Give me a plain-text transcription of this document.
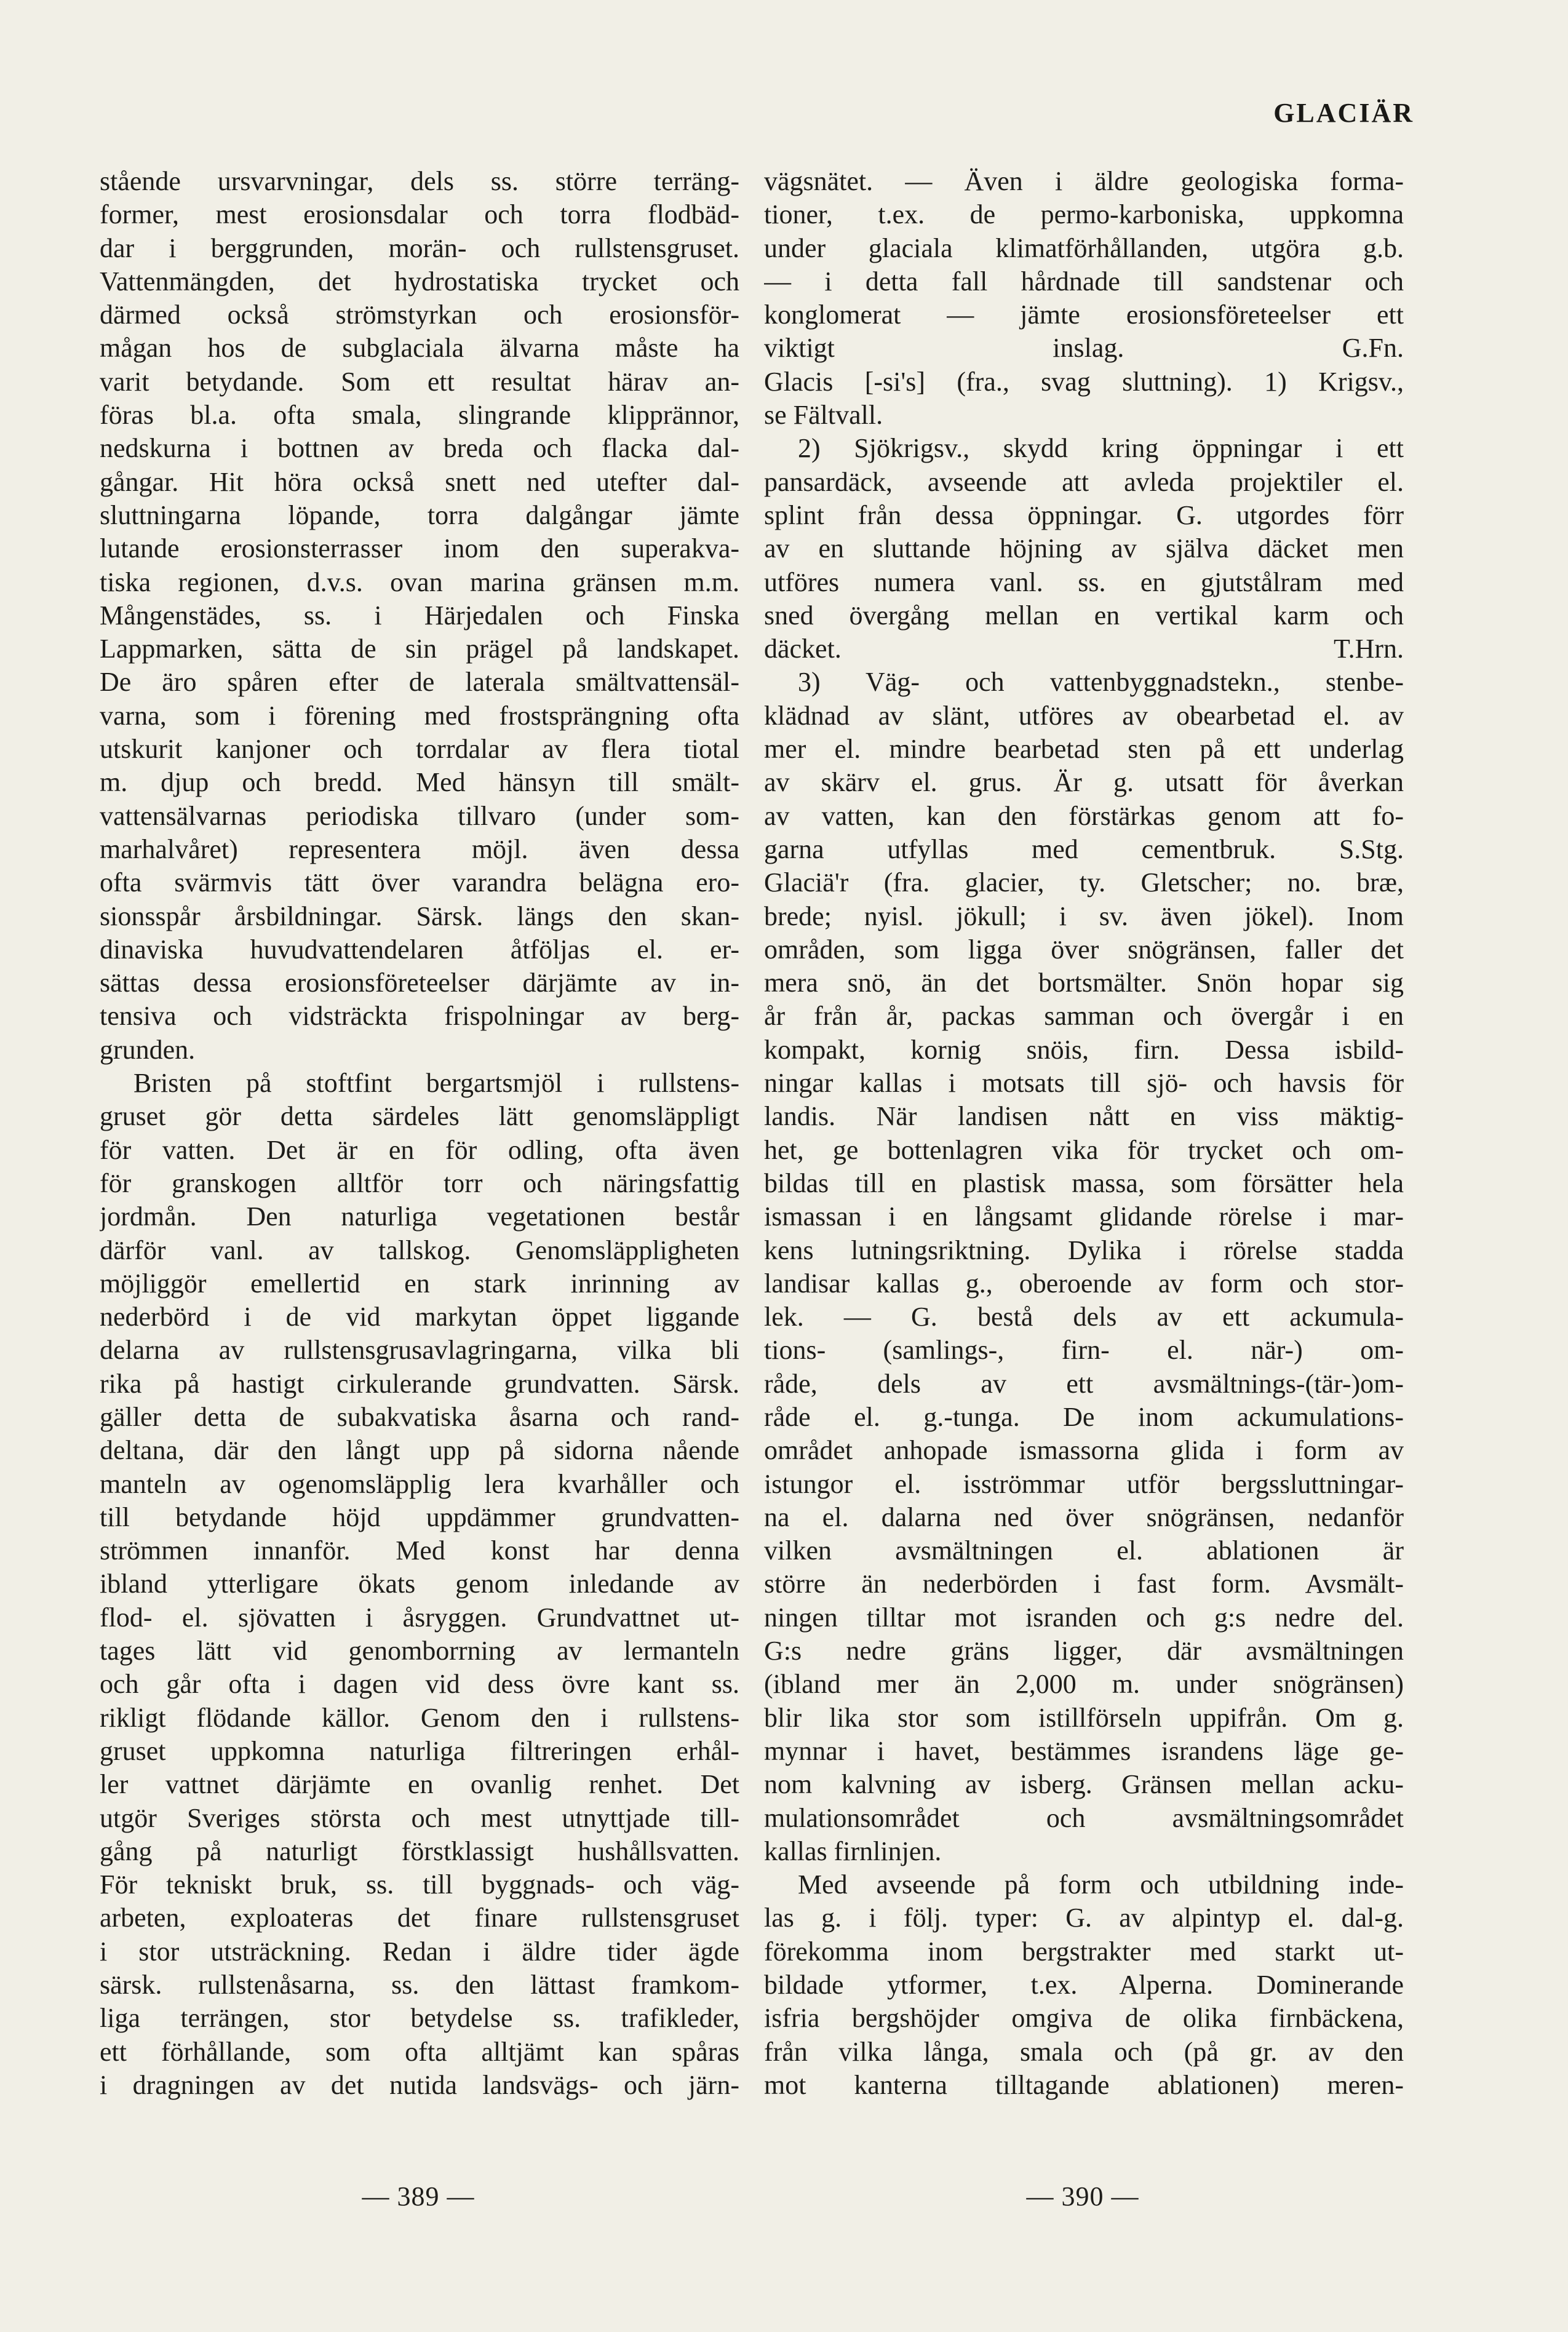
GLACIÄR
stående ursvarvningar, dels ss. större terräng-
former, mest erosionsdalar och torra flodbäd-
dar i berggrunden, morän- och rullstensgruset.
Vattenmängden, det hydrostatiska trycket och
därmed också strömstyrkan och erosionsför-
mågan hos de subglaciala älvarna måste ha
varit betydande. Som ett resultat härav an-
föras bl.a. ofta smala, slingrande klipprännor,
nedskurna i bottnen av breda och flacka dal-
gångar. Hit höra också snett ned utefter dal-
sluttningarna löpande, torra dalgångar jämte
lutande erosionsterrasser inom den superakva-
tiska regionen, d.v.s. ovan marina gränsen m.m.
Mångenstädes, ss. i Härjedalen och Finska
Lappmarken, sätta de sin prägel på landskapet.
De äro spåren efter de laterala smältvattensäl-
varna, som i förening med frostsprängning ofta
utskurit kanjoner och torrdalar av flera tiotal
m. djup och bredd. Med hänsyn till smält-
vattensälvarnas periodiska tillvaro (under som-
marhalvåret) representera möjl. även dessa
ofta svärmvis tätt över varandra belägna ero-
sionsspår årsbildningar. Särsk. längs den skan-
dinaviska huvudvattendelaren åtföljas el. er-
sättas dessa erosionsföreteelser därjämte av in-
tensiva och vidsträckta frispolningar av berg-
grunden.
Bristen på stoftfint bergartsmjöl i rullstens-
gruset gör detta särdeles lätt genomsläppligt
för vatten. Det är en för odling, ofta även
för granskogen alltför torr och näringsfattig
jordmån. Den naturliga vegetationen består
därför vanl. av tallskog. Genomsläppligheten
möjliggör emellertid en stark inrinning av
nederbörd i de vid markytan öppet liggande
delarna av rullstensgrusavlagringarna, vilka bli
rika på hastigt cirkulerande grundvatten. Särsk.
gäller detta de subakvatiska åsarna och rand-
deltana, där den långt upp på sidorna nående
manteln av ogenomsläpplig lera kvarhåller och
till betydande höjd uppdämmer grundvatten-
strömmen innanför. Med konst har denna
ibland ytterligare ökats genom inledande av
flod- el. sjövatten i åsryggen. Grundvattnet ut-
tages lätt vid genomborrning av lermanteln
och går ofta i dagen vid dess övre kant ss.
rikligt flödande källor. Genom den i rullstens-
gruset uppkomna naturliga filtreringen erhål-
ler vattnet därjämte en ovanlig renhet. Det
utgör Sveriges största och mest utnyttjade till-
gång på naturligt förstklassigt hushållsvatten.
För tekniskt bruk, ss. till byggnads- och väg-
arbeten, exploateras det finare rullstensgruset
i stor utsträckning. Redan i äldre tider ägde
särsk. rullstenåsarna, ss. den lättast framkom-
liga terrängen, stor betydelse ss. trafikleder,
ett förhållande, som ofta alltjämt kan spåras
i dragningen av det nutida landsvägs- och järn-
vägsnätet. — Även i äldre geologiska forma-
tioner, t.ex. de permo-karboniska, uppkomna
under glaciala klimatförhållanden, utgöra g.b.
— i detta fall hårdnade till sandstenar och
konglomerat — jämte erosionsföreteelser ett
viktigt inslag. G.Fn.
Glacis [-si's] (fra., svag sluttning). 1) Krigsv.,
se Fältvall.
2) Sjökrigsv., skydd kring öppningar i ett
pansardäck, avseende att avleda projektiler el.
splint från dessa öppningar. G. utgordes förr
av en sluttande höjning av själva däcket men
utföres numera vanl. ss. en gjutstålram med
sned övergång mellan en vertikal karm och
däcket. T.Hrn.
3) Väg- och vattenbyggnadstekn., stenbe-
klädnad av slänt, utföres av obearbetad el. av
mer el. mindre bearbetad sten på ett underlag
av skärv el. grus. Är g. utsatt för åverkan
av vatten, kan den förstärkas genom att fo-
garna utfyllas med cementbruk. S.Stg.
Glaciä'r (fra. glacier, ty. Gletscher; no. bræ,
brede; nyisl. jökull; i sv. även jökel). Inom
områden, som ligga över snögränsen, faller det
mera snö, än det bortsmälter. Snön hopar sig
år från år, packas samman och övergår i en
kompakt, kornig snöis, firn. Dessa isbild-
ningar kallas i motsats till sjö- och havsis för
landis. När landisen nått en viss mäktig-
het, ge bottenlagren vika för trycket och om-
bildas till en plastisk massa, som försätter hela
ismassan i en långsamt glidande rörelse i mar-
kens lutningsriktning. Dylika i rörelse stadda
landisar kallas g., oberoende av form och stor-
lek. — G. bestå dels av ett ackumula-
tions- (samlings-, firn- el. när-) om-
råde, dels av ett avsmältnings-(tär-)om-
råde el. g.-tunga. De inom ackumulations-
området anhopade ismassorna glida i form av
istungor el. isströmmar utför bergssluttningar-
na el. dalarna ned över snögränsen, nedanför
vilken avsmältningen el. ablationen är
större än nederbörden i fast form. Avsmält-
ningen tilltar mot isranden och g:s nedre del.
G:s nedre gräns ligger, där avsmältningen
(ibland mer än 2,000 m. under snögränsen)
blir lika stor som istillförseln uppifrån. Om g.
mynnar i havet, bestämmes israndens läge ge-
nom kalvning av isberg. Gränsen mellan acku-
mulationsområdet och avsmältningsområdet
kallas firnlinjen.
Med avseende på form och utbildning inde-
las g. i följ. typer: G. av alpintyp el. dal-g.
förekomma inom bergstrakter med starkt ut-
bildade ytformer, t.ex. Alperna. Dominerande
isfria bergshöjder omgiva de olika firnbäckena,
från vilka långa, smala och (på gr. av den
mot kanterna tilltagande ablationen) meren-
— 389 —	— 390 —
